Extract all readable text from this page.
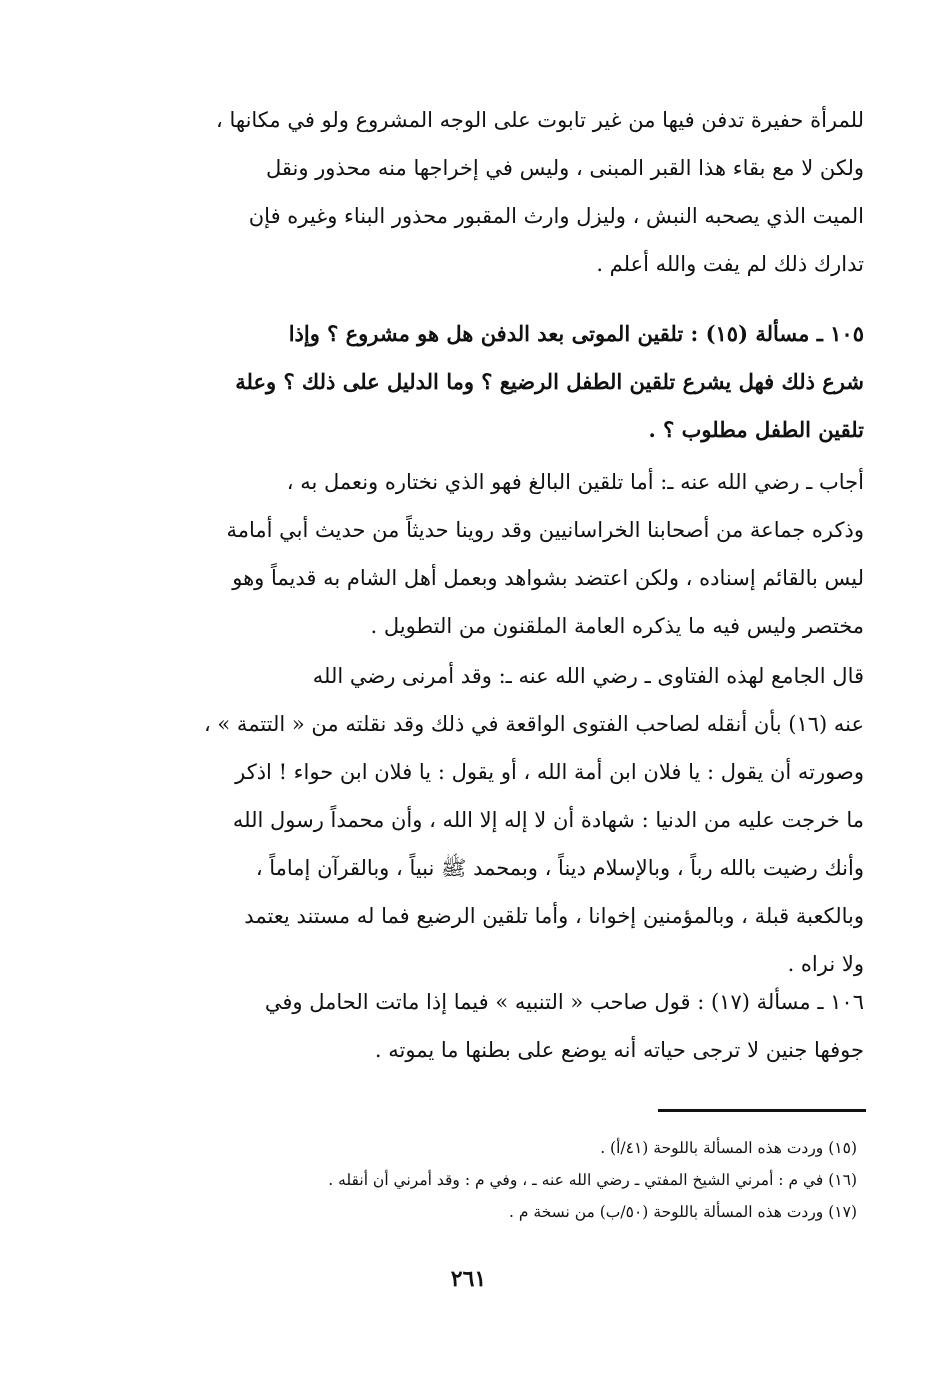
للمرأة حفيرة تدفن فيها من غير تابوت على الوجه المشروع ولو في مكانها ،
ولكن لا مع بقاء هذا القبر المبنى ، وليس في إخراجها منه محذور ونقل
الميت الذي يصحبه النبش ، وليزل وارث المقبور محذور البناء وغيره فإن
تدارك ذلك لم يفت والله أعلم .
١٠٥ ـ مسألة (١٥) : تلقين الموتى بعد الدفن هل هو مشروع ؟ وإذا
شرع ذلك فهل يشرع تلقين الطفل الرضيع ؟ وما الدليل على ذلك ؟ وعلة
تلقين الطفل مطلوب ؟ .
أجاب ـ رضي الله عنه ـ: أما تلقين البالغ فهو الذي نختاره ونعمل به ،
وذكره جماعة من أصحابنا الخراسانيين وقد روينا حديثاً من حديث أبي أمامة
ليس بالقائم إسناده ، ولكن اعتضد بشواهد وبعمل أهل الشام به قديماً وهو
مختصر وليس فيه ما يذكره العامة الملقنون من التطويل .
قال الجامع لهذه الفتاوى ـ رضي الله عنه ـ: وقد أمرنى رضي الله
عنه (١٦) بأن أنقله لصاحب الفتوى الواقعة في ذلك وقد نقلته من « التتمة » ،
وصورته أن يقول : يا فلان ابن أمة الله ، أو يقول : يا فلان ابن حواء ! اذكر
ما خرجت عليه من الدنيا : شهادة أن لا إله إلا الله ، وأن محمداً رسول الله
وأنك رضيت بالله رباً ، وبالإسلام ديناً ، وبمحمد ﷺ نبياً ، وبالقرآن إماماً ،
وبالكعبة قبلة ، وبالمؤمنين إخوانا ، وأما تلقين الرضيع فما له مستند يعتمد
ولا نراه .
١٠٦ ـ مسألة (١٧) : قول صاحب « التنبيه » فيما إذا ماتت الحامل وفي
جوفها جنين لا ترجى حياته أنه يوضع على بطنها ما يموته .
(١٥) وردت هذه المسألة باللوحة (٤١/أ) .
(١٦) في م : أمرني الشيخ المفتي ـ رضي الله عنه ـ ، وفي م : وقد أمرني أن أنقله .
(١٧) وردت هذه المسألة باللوحة (٥٠/ب) من نسخة م .
٢٦١
